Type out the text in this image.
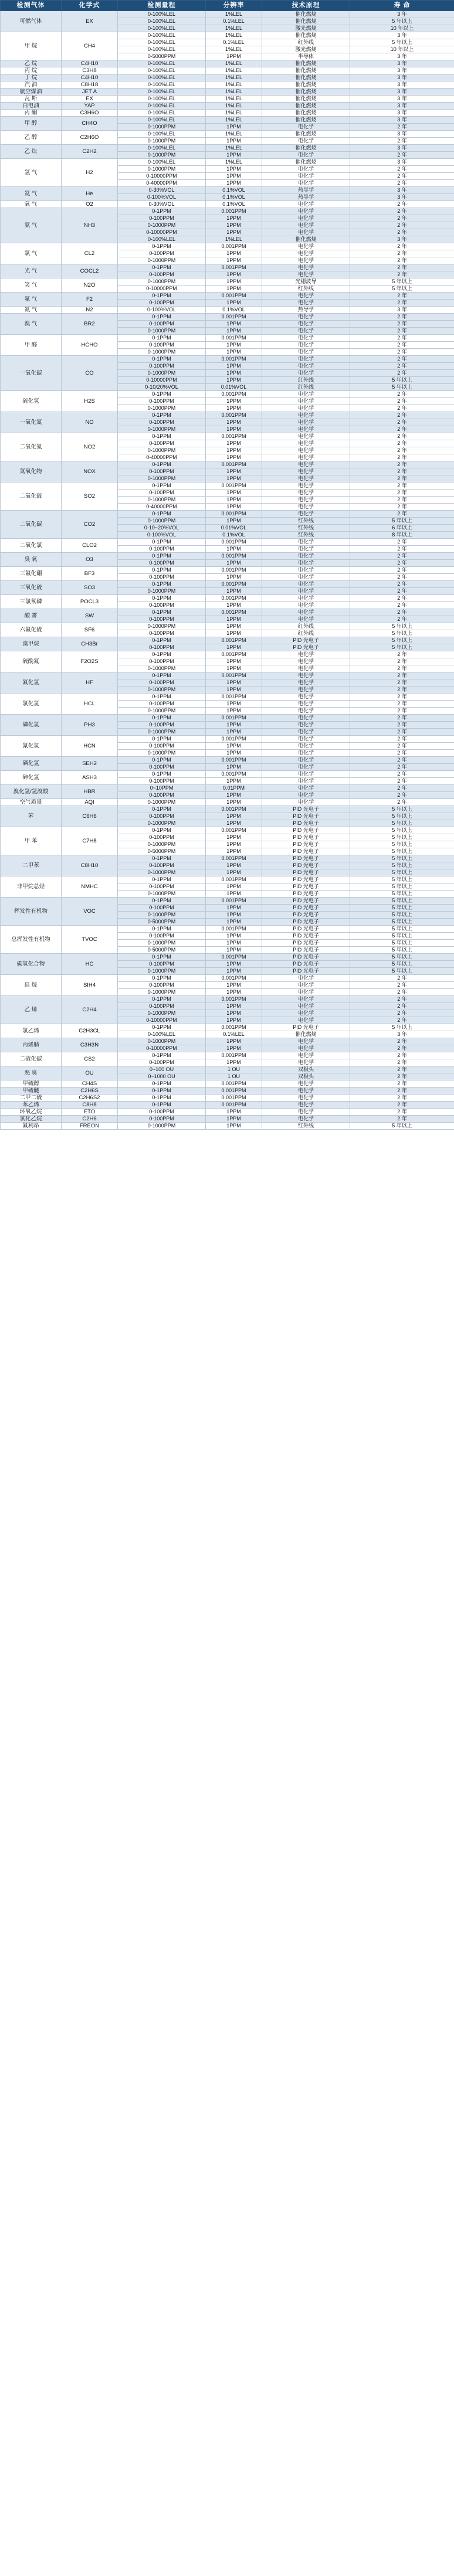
检测气体	化学式	检测量程	分辨率	技术原理	寿 命
可燃气体	EX	0-100%LEL	1%LEL	催化燃烧	3 年
		0-100%LEL	0.1%LEL	催化燃烧	5 年以上
		0-100%LEL	1%LEL	激光燃烧	10 年以上
甲 烷	CH4	0-100%LEL	1%LEL	催化燃烧	3 年
		0-100%LEL	0.1%LEL	红外线	5 年以上
		0-100%LEL	1%LEL	激光燃烧	10 年以上
		0-5000PPM	1PPM	半导体	3 年
乙 烷	C4H10	0-100%LEL	1%LEL	催化燃烧	3 年
丙 烷	C3H8	0-100%LEL	1%LEL	催化燃烧	3 年
丁 烷	C4H10	0-100%LEL	1%LEL	催化燃烧	3 年
汽 油	C8H18	0-100%LEL	1%LEL	催化燃烧	3 年
航空煤油	JET A	0-100%LEL	1%LEL	催化燃烧	3 年
瓦 斯	EX	0-100%LEL	1%LEL	催化燃烧	3 年
白电油	YAP	0-100%LEL	1%LEL	催化燃烧	3 年
丙 酮	C3H6O	0-100%LEL	1%LEL	催化燃烧	3 年
甲 醇	CH4O	0-100%LEL	1%LEL	催化燃烧	3 年
		0-1000PPM	1PPM	电化学	2 年
乙 醇	C2H6O	0-100%LEL	1%LEL	催化燃烧	3 年
		0-1000PPM	1PPM	电化学	2 年
乙 炔	C2H2	0-100%LEL	1%LEL	催化燃烧	3 年
		0-1000PPM	1PPM	电化学	2 年
氢 气	H2	0-100%LEL	1%LEL	催化燃烧	3 年
		0-1000PPM	1PPM	电化学	2 年
		0-10000PPM	1PPM	电化学	2 年
		0-40000PPM	1PPM	电化学	2 年
氦 气	He	0-30%VOL	0.1%VOL	热导学	3 年
		0-100%VOL	0.1%VOL	热导学	3 年
氧 气	O2	0-30%VOL	0.1%VOL	电化学	2 年
氨 气	NH3	0-1PPM	0.001PPM	电化学	2 年
		0-100PPM	1PPM	电化学	2 年
		0-1000PPM	1PPM	电化学	2 年
		0-10000PPM	1PPM	电化学	2 年
		0-100%LEL	1%LEL	催化燃烧	3 年
氯 气	CL2	0-1PPM	0.001PPM	电化学	2 年
		0-100PPM	1PPM	电化学	2 年
		0-1000PPM	1PPM	电化学	2 年
光 气	COCL2	0-1PPM	0.001PPM	电化学	2 年
		0-100PPM	1PPM	电化学	2 年
笑 气	N2O	0-1000PPM	1PPM	光栅波导	5 年以上
		0-10000PPM	1PPM	红外线	5 年以上
氟 气	F2	0-1PPM	0.001PPM	电化学	2 年
		0-100PPM	1PPM	电化学	2 年
氮 气	N2	0-100%VOL	0.1%VOL	热导学	3 年
溴 气	BR2	0-1PPM	0.001PPM	电化学	2 年
		0-100PPM	1PPM	电化学	2 年
		0-1000PPM	1PPM	电化学	2 年
甲 醛	HCHO	0-1PPM	0.001PPM	电化学	2 年
		0-100PPM	1PPM	电化学	2 年
		0-1000PPM	1PPM	电化学	2 年
一氧化碳	CO	0-1PPM	0.001PPM	电化学	2 年
		0-100PPM	1PPM	电化学	2 年
		0-1000PPM	1PPM	电化学	2 年
		0-10000PPM	1PPM	红外线	5 年以上
		0-10/20%VOL	0.01%VOL	红外线	5 年以上
硫化氢	H2S	0-1PPM	0.001PPM	电化学	2 年
		0-100PPM	1PPM	电化学	2 年
		0-1000PPM	1PPM	电化学	2 年
一氧化氮	NO	0-1PPM	0.001PPM	电化学	2 年
		0-100PPM	1PPM	电化学	2 年
		0-1000PPM	1PPM	电化学	2 年
二氧化氮	NO2	0-1PPM	0.001PPM	电化学	2 年
		0-100PPM	1PPM	电化学	2 年
		0-1000PPM	1PPM	电化学	2 年
		0-40000PPM	1PPM	电化学	2 年
氮氧化物	NOX	0-1PPM	0.001PPM	电化学	2 年
		0-100PPM	1PPM	电化学	2 年
		0-1000PPM	1PPM	电化学	2 年
二氧化硫	SO2	0-1PPM	0.001PPM	电化学	2 年
		0-100PPM	1PPM	电化学	2 年
		0-1000PPM	1PPM	电化学	2 年
		0-40000PPM	1PPM	电化学	2 年
二氧化碳	CO2	0-1PPM	0.001PPM	电化学	2 年
		0-1000PPM	1PPM	红外线	5 年以上
		0-10~20%VOL	0.01%VOL	红外线	6 年以上
		0-100%VOL	0.1%VOL	红外线	8 年以上
二氧化氯	CLO2	0-1PPM	0.001PPM	电化学	2 年
		0-100PPM	1PPM	电化学	2 年
臭 氧	O3	0-1PPM	0.001PPM	电化学	2 年
		0-100PPM	1PPM	电化学	2 年
三氟化硼	BF3	0-1PPM	0.001PPM	电化学	2 年
		0-100PPM	1PPM	电化学	2 年
三氧化硫	SO3	0-1PPM	0.001PPM	电化学	2 年
		0-1000PPM	1PPM	电化学	2 年
三氯氧磷	POCL3	0-1PPM	0.001PPM	电化学	2 年
		0-100PPM	1PPM	电化学	2 年
酸 雾	SW	0-1PPM	0.001PPM	电化学	2 年
		0-100PPM	1PPM	电化学	2 年
六氟化硫	SF6	0-1000PPM	1PPM	红外线	5 年以上
		0-100PPM	1PPM	红外线	5 年以上
溴甲烷	CH3Br	0-1PPM	0.001PPM	PID 光电子	5 年以上
		0-100PPM	1PPM	PID 光电子	5 年以上
硫酰氟	F2O2S	0-1PPM	0.001PPM	电化学	2 年
		0-100PPM	1PPM	电化学	2 年
		0-1000PPM	1PPM	电化学	2 年
氟化氢	HF	0-1PPM	0.001PPM	电化学	2 年
		0-100PPM	1PPM	电化学	2 年
		0-1000PPM	1PPM	电化学	2 年
氯化氢	HCL	0-1PPM	0.001PPM	电化学	2 年
		0-100PPM	1PPM	电化学	2 年
		0-1000PPM	1PPM	电化学	2 年
磷化氢	PH3	0-1PPM	0.001PPM	电化学	2 年
		0-100PPM	1PPM	电化学	2 年
		0-1000PPM	1PPM	电化学	2 年
氰化氢	HCN	0-1PPM	0.001PPM	电化学	2 年
		0-100PPM	1PPM	电化学	2 年
		0-1000PPM	1PPM	电化学	2 年
硒化氢	SEH2	0-1PPM	0.001PPM	电化学	2 年
		0-100PPM	1PPM	电化学	2 年
砷化氢	ASH3	0-1PPM	0.001PPM	电化学	2 年
		0-100PPM	1PPM	电化学	2 年
溴化氢/氢溴酸	HBR	0~10PPM	0.01PPM	电化学	2 年
		0-100PPM	1PPM	电化学	2 年
空气质量	AQI	0-1000PPM	1PPM	电化学	2 年
苯	C6H6	0-1PPM	0.001PPM	PID 光电子	5 年以上
		0-100PPM	1PPM	PID 光电子	5 年以上
		0-1000PPM	1PPM	PID 光电子	5 年以上
甲 苯	C7H8	0-1PPM	0.001PPM	PID 光电子	5 年以上
		0-100PPM	1PPM	PID 光电子	5 年以上
		0-1000PPM	1PPM	PID 光电子	5 年以上
		0-5000PPM	1PPM	PID 光电子	5 年以上
二甲苯	C8H10	0-1PPM	0.001PPM	PID 光电子	5 年以上
		0-100PPM	1PPM	PID 光电子	5 年以上
		0-1000PPM	1PPM	PID 光电子	5 年以上
非甲烷总烃	NMHC	0-1PPM	0.001PPM	PID 光电子	5 年以上
		0-100PPM	1PPM	PID 光电子	5 年以上
		0-1000PPM	1PPM	PID 光电子	5 年以上
挥发性有机物	VOC	0-1PPM	0.001PPM	PID 光电子	5 年以上
		0-100PPM	1PPM	PID 光电子	5 年以上
		0-1000PPM	1PPM	PID 光电子	5 年以上
		0-5000PPM	1PPM	PID 光电子	5 年以上
总挥发性有机物	TVOC	0-1PPM	0.001PPM	PID 光电子	5 年以上
		0-100PPM	1PPM	PID 光电子	5 年以上
		0-1000PPM	1PPM	PID 光电子	5 年以上
		0-5000PPM	1PPM	PID 光电子	5 年以上
碳氢化合物	HC	0-1PPM	0.001PPM	PID 光电子	5 年以上
		0-100PPM	1PPM	PID 光电子	5 年以上
		0-1000PPM	1PPM	PID 光电子	5 年以上
硅 烷	SIH4	0-1PPM	0.001PPM	电化学	2 年
		0-100PPM	1PPM	电化学	2 年
		0-1000PPM	1PPM	电化学	2 年
乙 烯	C2H4	0-1PPM	0.001PPM	电化学	2 年
		0-100PPM	1PPM	电化学	2 年
		0-1000PPM	1PPM	电化学	2 年
		0-10000PPM	1PPM	电化学	2 年
氯乙烯	C2H3CL	0-1PPM	0.001PPM	PID 光电子	5 年以上
		0-100%LEL	0.1%LEL	催化燃烧	3 年
丙烯腈	C3H3N	0-1000PPM	1PPM	电化学	2 年
		0-10000PPM	1PPM	电化学	2 年
二硫化碳	CS2	0-1PPM	0.001PPM	电化学	2 年
		0-100PPM	1PPM	电化学	2 年
恶 臭	OU	0~100 OU	1 OU	双极头	2 年
		0~1000 OU	1 OU	双极头	2 年
甲硫醇	CH4S	0-1PPM	0.001PPM	电化学	2 年
甲硫醚	C2H6S	0-1PPM	0.001PPM	电化学	2 年
二甲二硫	C2H6S2	0-1PPM	0.001PPM	电化学	2 年
苯乙烯	C8H8	0-1PPM	0.001PPM	电化学	2 年
环氧乙烷	ETO	0-100PPM	1PPM	电化学	2 年
氯化乙烷	C2H6	0-100PPM	1PPM	电化学	2 年
氟利昂	FREON	0-1000PPM	1PPM	红外线	5 年以上
